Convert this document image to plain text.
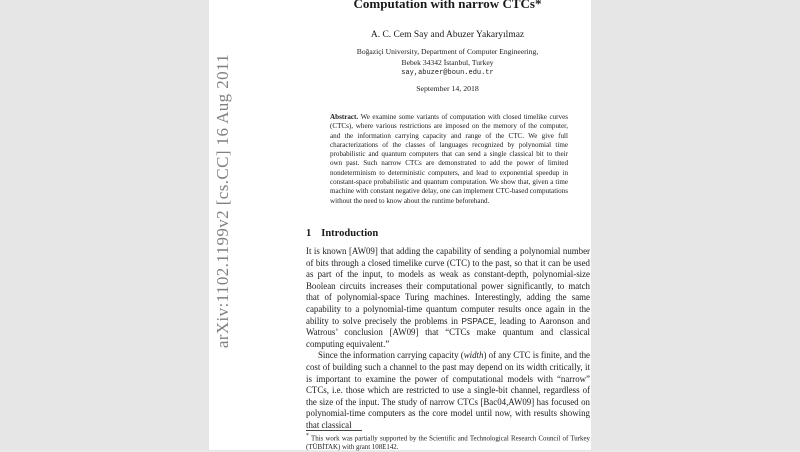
arXiv:1102.1199v2 [cs.CC] 16 Aug 2011
Computation with narrow CTCs*
A. C. Cem Say and Abuzer Yakaryılmaz
Boğaziçi University, Department of Computer Engineering,
Bebek 34342 İstanbul, Turkey
say,abuzer@boun.edu.tr
September 14, 2018
Abstract. We examine some variants of computation with closed timelike curves (CTCs), where various restrictions are imposed on the memory of the computer, and the information carrying capacity and range of the CTC. We give full characterizations of the classes of languages recognized by polynomial time probabilistic and quantum computers that can send a single classical bit to their own past. Such narrow CTCs are demonstrated to add the power of limited nondeterminism to deterministic computers, and lead to exponential speedup in constant-space probabilistic and quantum computation. We show that, given a time machine with constant negative delay, one can implement CTC-based computations without the need to know about the runtime beforehand.
1 Introduction

It is known [AW09] that adding the capability of sending a polynomial number of bits through a closed timelike curve (CTC) to the past, so that it can be used as part of the input, to models as weak as constant-depth, polynomial-size Boolean circuits increases their computational power significantly, to match that of polynomial-space Turing machines. Interestingly, adding the same capability to a polynomial-time quantum computer results once again in the ability to solve precisely the problems in PSPACE, leading to Aaronson and Watrous’ conclusion [AW09] that “CTCs make quantum and classical computing equivalent.”

Since the information carrying capacity (width) of any CTC is finite, and the cost of building such a channel to the past may depend on its width critically, it is important to examine the power of computational models with “narrow” CTCs, i.e. those which are restricted to use a single-bit channel, regardless of the size of the input. The study of narrow CTCs [Bac04,AW09] has focused on polynomial-time computers as the core model until now, with results showing that classical

* This work was partially supported by the Scientific and Technological Research Council of Turkey (TÜBİTAK) with grant 108E142.
